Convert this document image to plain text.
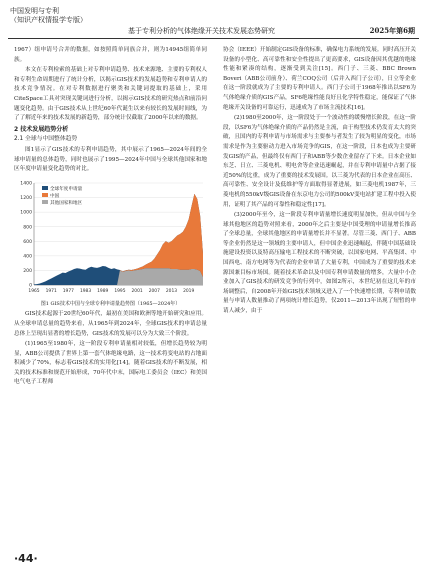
中国发明与专利
（知识产权情报学专版）
基于专利分析的气体绝缘开关技术发展态势研究	2025年第6期

1967）组申请号合并的数据，如按照简单同族合并，则为14945组简单同族。

本文在专利检索的基础上对专利申请趋势、技术来源地、主要的专利权人和专利生命周期进行了统计分析，以揭示GIS技术的发展趋势和专利申请人的技术竞争情况。在对专利数据进行聚类和关键词提取的基础上，采用CiteSpace工具对突现关键词进行分析，以揭示GIS技术的研究热点和前沿问题变化趋势。由于GIS技术从上世纪60年代诞生以来有较长的发展时间线，为了了解近年来的技术发展的新趋势，部分统计仅截取了2000年以来的数据。

2 技术发展趋势分析

2.1 全球与中国整体趋势

图1显示了GIS技术的专利申请趋势，其中展示了1965—2024年间的全球申请量的总体趋势，同时也展示了1995—2024年中国与全球其他国家和地区年度申请量变化趋势的对比。

0
200
400
600
800
1000
1200
1400
1965 1971 1977 1983 1989 1995 2001 2007 2013 2019
全球年度申请量
中国
其他国家和地区

图1 GIS技术中国与全球专利申请量趋势图（1965—2024年）

GIS技术起源于20世纪60年代，最初在美国和欧洲等地开始研究和应用。从全球申请总量的趋势来看，从1965年到2024年，全球GIS技术的申请总量总体上呈现出显著的增长趋势，GIS技术的发展可以分为大致三个阶段。

(1)1965至1980年，这一阶段专利申请量相对较低，但增长趋势较为明显，ABB公司提供了世界上第一套气体绝缘电路，这一技术将变电站的占地面积减少了70%，标志着GIS技术的实用化[14]。随着GIS技术的不断发展，相关的技术标准和规范开始形成，70年代中末，国际电工委员会（IEC）和美国电气电子工程师

协会（IEEE）开始制定GIS设备的标准，确保电力系统的发展。同时高压开关设备的小型化、高可靠性和安全性提出了更高要求，GIS设备因其优越的绝缘性能和紧凑的结构，逐渐受到关注[15]。西门子、三菱、BBC Brown Boveri（ABB公司前身）、荷兰COQ公司（后并入西门子公司），日立等企业在这一阶段就成为了主要的专利申请人。西门子公司于1968年推出以SF6为气体绝缘介质的GIS产品，SF6绝缘性能良好且化学特性稳定，能保证了气体绝缘开关设备的可靠运行，迅速成为了市场主流技术[16]。

(2)1980至2000年，这一阶段处于一个波动性的缓慢增长阶段，在这一阶段，以SF6为气体绝缘介质的产品仍然是主流，由于构型技术仍发育太大的突破，且国内的专利申请与市场需求与主要参与者发生了较为明显的变化，市场需求是作为主要驱动力进入市场竞争的GIS，在这一阶段，日本也成为主要研发GIS的产品，但最终仅有西门子和ABB等少数企业留存了下来。日本企业如东芝、日立、三菱电机、明电舍等企业迅速崛起，并在专利申请量中占据了接近50%的比重，成为了重要的技术发展国。以三菱为代表的日本企业在高压、高可靠性、安全设计及低维护等方面取得显著进展，如三菱电机1987年，三菱电机的550kV级GIS设备在东京电力公司的500kV变电站扩建工程中投入使用，证明了其产品的可靠性和稳定性[17]。

(3)2000年至今，这一阶段专利申请量增长速度明显加快，但从中国与全球其他地区的趋势对照来看，2000年之后主要是中国受理的申请量增长推高了全球总量，全球其他地区的申请量增长并不显著。尽管三菱、西门子、ABB等企业仍然是这一领域的主要申请人，但中国企业迅速崛起，伴随中国基础设施建设投资以及特高压输电工程技术的不断突破，以国家电网、平高集团、中国西电、南方电网等为代表的企业申请了大量专利，中国成为了重要的技术来源国兼目标市场国。随着技术革命以及中国专利申请数量的增多，大量中小企业加入了GIS技术的研发竞争的行列中，如图2所示，本世纪初在这几年的市场调整后，自2008年开始GIS技术领域又进入了一个快速增长期，专利申请数量与申请人数量推动了两项统计增长趋势，仅2011—2013年出现了短暂的申请人减少，由于

·44·
